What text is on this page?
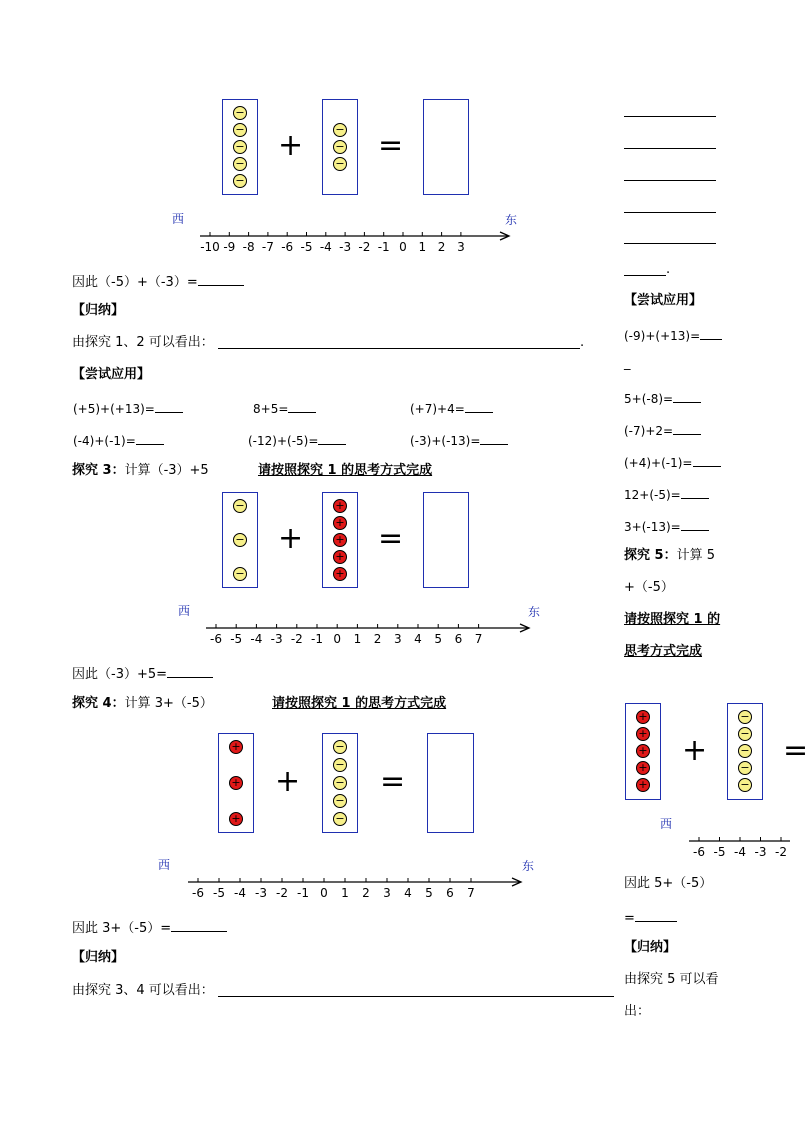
−
−
−
−
−
+	−
−
−
=
西	东
-10 -9 -8 -7 -6 -5 -4 -3 -2 -1 0 1 2 3
因此（-5）+（-3）=
【归纳】
由探究 1、2 可以看出：	.
【尝试应用】
(+5)+(+13)=	8+5=	(+7)+4=
(-4)+(-1)=	(-12)+(-5)=	(-3)+(-13)=
探究 3：计算（-3）+5	请按照探究 1 的思考方式完成
−
−
−
+
+
+
+
+
+
=
西	东
-6 -5 -4 -3 -2 -1 0 1 2 3 4 5 6 7
因此（-3）+5=
探究 4：计算 3+（-5）	请按照探究 1 的思考方式完成
+
+
+
+
−
−
−
−
−
=
西	东
-6 -5 -4 -3 -2 -1 0 1 2 3 4 5 6 7
因此 3+（-5）=
【归纳】
由探究 3、4 可以看出：
.
【尝试应用】
(-9)+(+13)=
_
5+(-8)=
(-7)+2=
(+4)+(-1)=
12+(-5)=
3+(-13)=
探究 5：计算 5
+（-5）
请按照探究 1 的
思考方式完成
+
+
+
+
+
+
−
−
−
−
−
=
西
-6 -5 -4 -3 -2
因此 5+（-5）
=
【归纳】
由探究 5 可以看
出：
